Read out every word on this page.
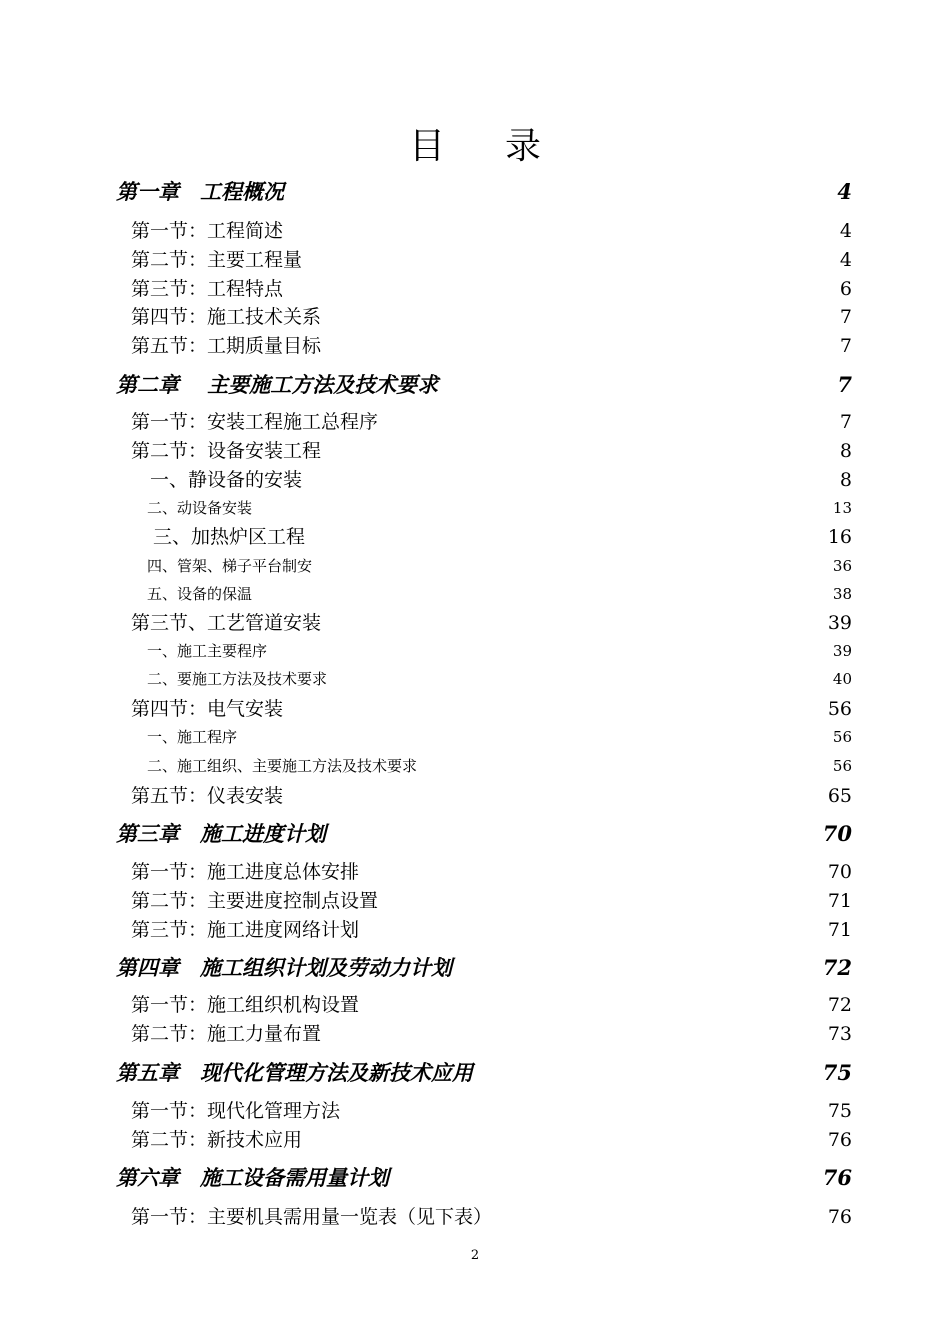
目 录
第一章　工程概况	4
第一节：工程简述	4
第二节：主要工程量	4
第三节：工程特点	6
第四节：施工技术关系	7
第五节：工期质量目标	7
第二章　 主要施工方法及技术要求	7
第一节：安装工程施工总程序	7
第二节：设备安装工程	8
一、静设备的安装	8
二、动设备安装	13
三、加热炉区工程	16
四、管架、梯子平台制安	36
五、设备的保温	38
第三节、工艺管道安装	39
一、施工主要程序	39
二、要施工方法及技术要求	40
第四节：电气安装	56
一、施工程序	56
二、施工组织、主要施工方法及技术要求	56
第五节：仪表安装	65
第三章　施工进度计划	70
第一节：施工进度总体安排	70
第二节：主要进度控制点设置	71
第三节：施工进度网络计划	71
第四章　施工组织计划及劳动力计划	72
第一节：施工组织机构设置	72
第二节：施工力量布置	73
第五章　现代化管理方法及新技术应用	75
第一节：现代化管理方法	75
第二节：新技术应用	76
第六章　施工设备需用量计划	76
第一节：主要机具需用量一览表（见下表）	76
2
